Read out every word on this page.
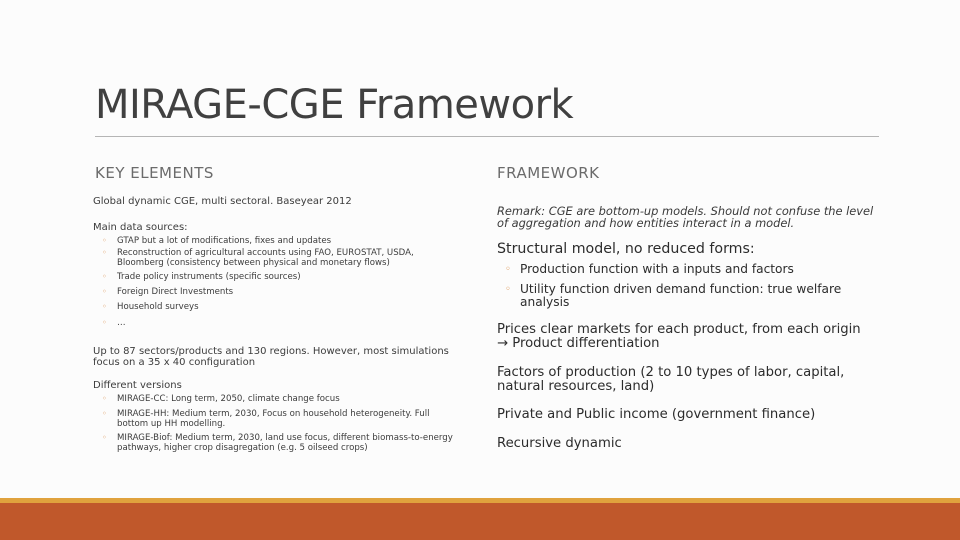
MIRAGE-CGE Framework
KEY ELEMENTS
Global dynamic CGE, multi sectoral. Baseyear 2012
Main data sources:
◦ GTAP but a lot of modifications, fixes and updates
◦ Reconstruction of agricultural accounts using FAO, EUROSTAT, USDA, Bloomberg (consistency between physical and monetary flows)
◦ Trade policy instruments (specific sources)
◦ Foreign Direct Investments
◦ Household surveys
◦ …
Up to 87 sectors/products and 130 regions. However, most simulations focus on a 35 x 40 configuration
Different versions
◦ MIRAGE-CC: Long term, 2050, climate change focus
◦ MIRAGE-HH: Medium term, 2030, Focus on household heterogeneity. Full bottom up HH modelling.
◦ MIRAGE-Biof: Medium term, 2030, land use focus, different biomass-to-energy pathways, higher crop disagregation (e.g. 5 oilseed crops)
FRAMEWORK
Remark: CGE are bottom-up models. Should not confuse the level of aggregation and how entities interact in a model.
Structural model, no reduced forms:
◦ Production function with a inputs and factors
◦ Utility function driven demand function: true welfare analysis
Prices clear markets for each product, from each origin
→ Product differentiation
Factors of production (2 to 10 types of labor, capital, natural resources, land)
Private and Public income (government finance)
Recursive dynamic
